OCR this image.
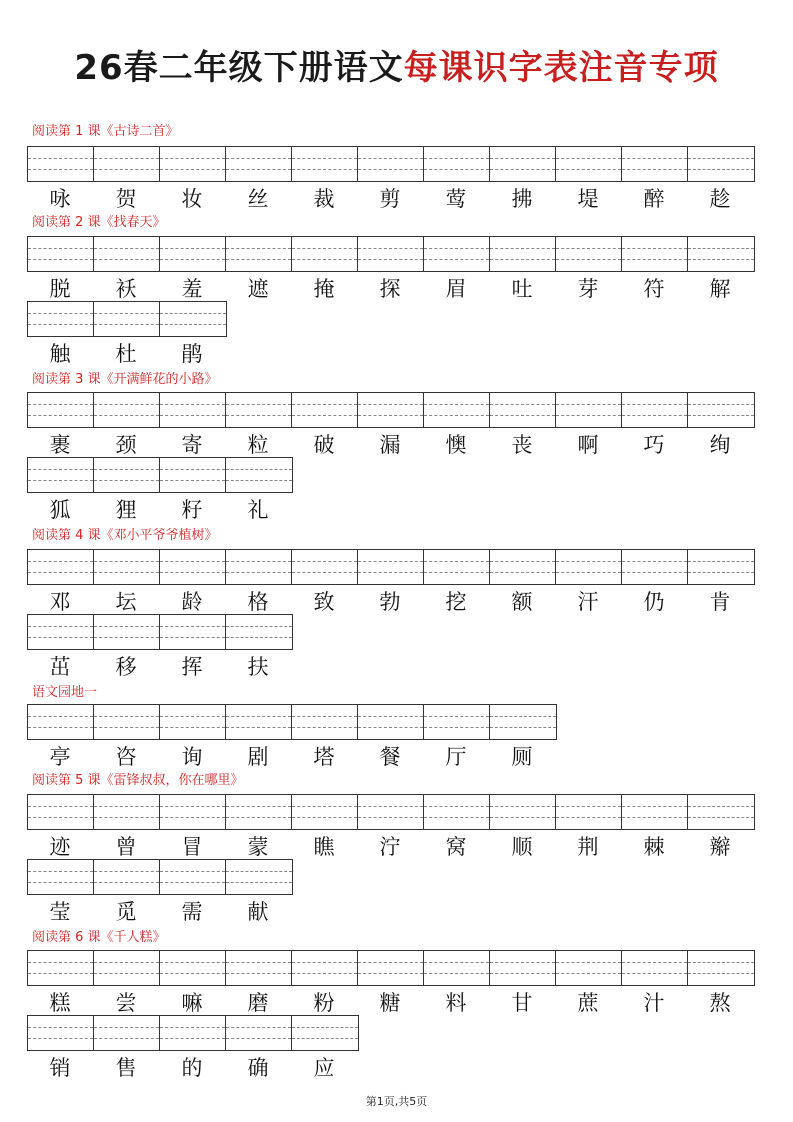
26春二年级下册语文每课识字表注音专项
阅读第 1 课《古诗二首》
咏	贺	妆	丝	裁	剪	莺	拂	堤	醉	趁
阅读第 2 课《找春天》
脱	袄	羞	遮	掩	探	眉	吐	芽	符	解
触	杜	鹃
阅读第 3 课《开满鲜花的小路》
裹	颈	寄	粒	破	漏	懊	丧	啊	巧	绚
狐	狸	籽	礼
阅读第 4 课《邓小平爷爷植树》
邓	坛	龄	格	致	勃	挖	额	汗	仍	肯
茁	移	挥	扶
语文园地一
亭	咨	询	剧	塔	餐	厅	厕
阅读第 5 课《雷锋叔叔，你在哪里》
迹	曾	冒	蒙	瞧	泞	窝	顺	荆	棘	辮
莹	觅	需	献
阅读第 6 课《千人糕》
糕	尝	嘛	磨	粉	糖	料	甘	蔗	汁	熬
销	售	的	确	应
第1页,共5页
